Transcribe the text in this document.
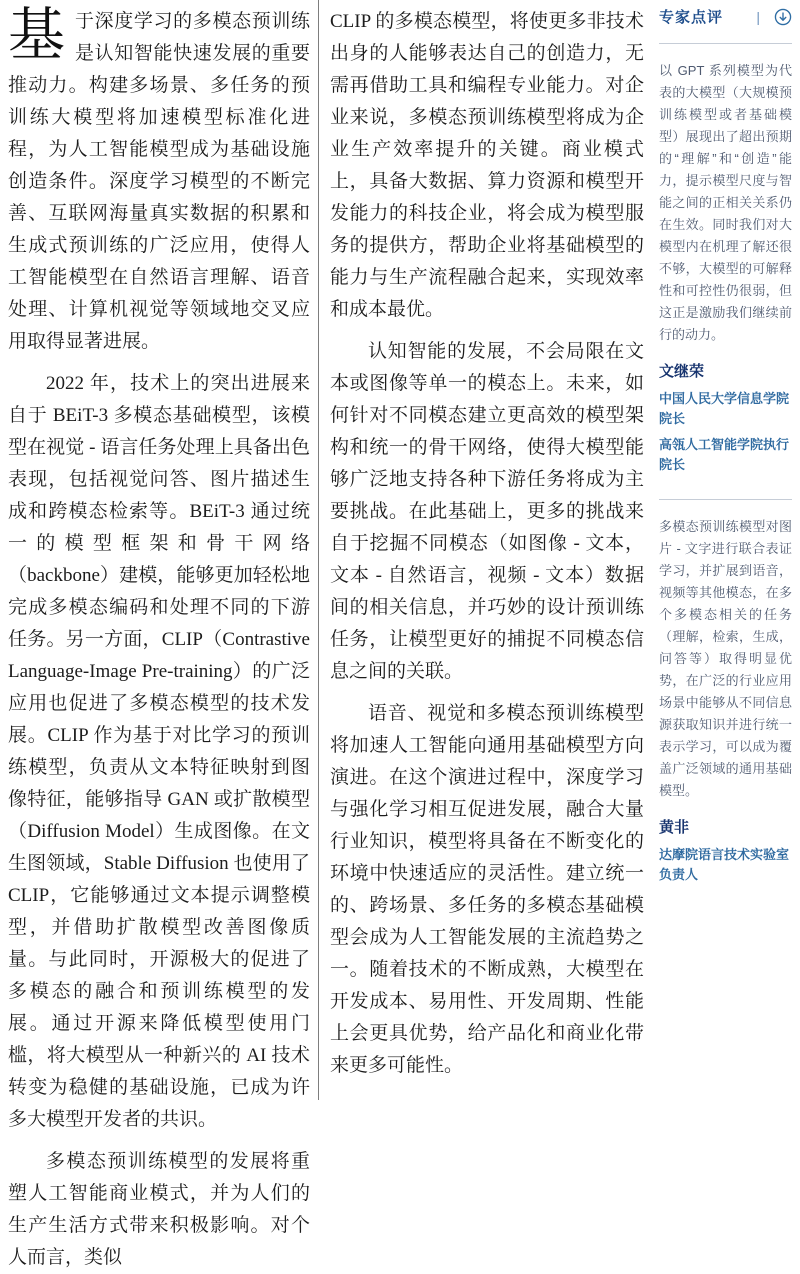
基于深度学习的多模态预训练是认知智能快速发展的重要推动力。构建多场景、多任务的预训练大模型将加速模型标准化进程，为人工智能模型成为基础设施创造条件。深度学习模型的不断完善、互联网海量真实数据的积累和生成式预训练的广泛应用，使得人工智能模型在自然语言理解、语音处理、计算机视觉等领域地交叉应用取得显著进展。

2022 年，技术上的突出进展来自于 BEiT-3 多模态基础模型，该模型在视觉 - 语言任务处理上具备出色表现，包括视觉问答、图片描述生成和跨模态检索等。BEiT-3 通过统一的模型框架和骨干网络（backbone）建模，能够更加轻松地完成多模态编码和处理不同的下游任务。另一方面，CLIP（Contrastive Language-Image Pre-training）的广泛应用也促进了多模态模型的技术发展。CLIP 作为基于对比学习的预训练模型，负责从文本特征映射到图像特征，能够指导 GAN 或扩散模型（Diffusion Model）生成图像。在文生图领域，Stable Diffusion 也使用了 CLIP，它能够通过文本提示调整模型，并借助扩散模型改善图像质量。与此同时，开源极大的促进了多模态的融合和预训练模型的发展。通过开源来降低模型使用门槛，将大模型从一种新兴的 AI 技术转变为稳健的基础设施，已成为许多大模型开发者的共识。

多模态预训练模型的发展将重塑人工智能商业模式，并为人们的生产生活方式带来积极影响。对个人而言，类似

CLIP 的多模态模型，将使更多非技术出身的人能够表达自己的创造力，无需再借助工具和编程专业能力。对企业来说，多模态预训练模型将成为企业生产效率提升的关键。商业模式上，具备大数据、算力资源和模型开发能力的科技企业，将会成为模型服务的提供方，帮助企业将基础模型的能力与生产流程融合起来，实现效率和成本最优。

认知智能的发展，不会局限在文本或图像等单一的模态上。未来，如何针对不同模态建立更高效的模型架构和统一的骨干网络，使得大模型能够广泛地支持各种下游任务将成为主要挑战。在此基础上，更多的挑战来自于挖掘不同模态（如图像 - 文本，文本 - 自然语言，视频 - 文本）数据间的相关信息，并巧妙的设计预训练任务，让模型更好的捕捉不同模态信息之间的关联。

语音、视觉和多模态预训练模型将加速人工智能向通用基础模型方向演进。在这个演进过程中，深度学习与强化学习相互促进发展，融合大量行业知识，模型将具备在不断变化的环境中快速适应的灵活性。建立统一的、跨场景、多任务的多模态基础模型会成为人工智能发展的主流趋势之一。随着技术的不断成熟，大模型在开发成本、易用性、开发周期、性能上会更具优势，给产品化和商业化带来更多可能性。

专家点评 |

以 GPT 系列模型为代表的大模型（大规模预训练模型或者基础模型）展现出了超出预期的“理解”和“创造”能力，提示模型尺度与智能之间的正相关关系仍在生效。同时我们对大模型内在机理了解还很不够，大模型的可解释性和可控性仍很弱，但这正是激励我们继续前行的动力。

文继荣
中国人民大学信息学院院长
高瓴人工智能学院执行院长

多模态预训练模型对图片 - 文字进行联合表证学习，并扩展到语音，视频等其他模态，在多个多模态相关的任务（理解，检索，生成，问答等）取得明显优势，在广泛的行业应用场景中能够从不同信息源获取知识并进行统一表示学习，可以成为覆盖广泛领域的通用基础模型。

黄非
达摩院语言技术实验室负责人
